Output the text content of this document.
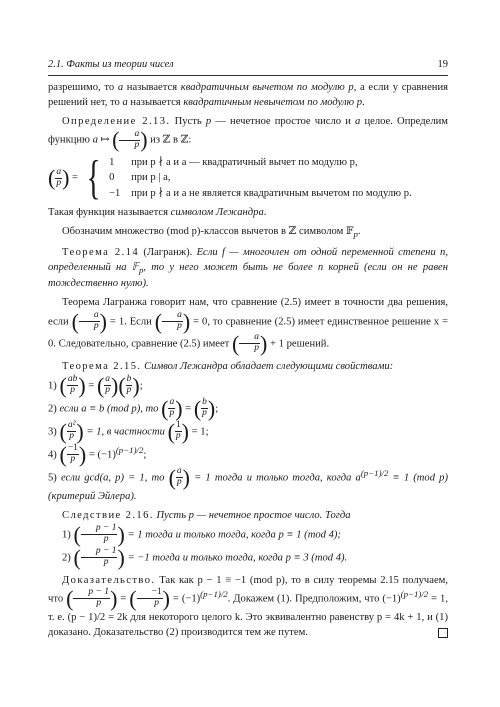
2.1. Факты из теории чисел	19

разрешимо, то a называется квадратичным вычетом по модулю p, а если у сравнения решений нет, то a называется квадратичным невычетом по модулю p.

Определение 2.13. Пусть p — нечетное простое число и a целое. Определим функцию a ↦ ( $\frac{a}{p}$ ) из ℤ в ℤ:

( $\frac{a}{p}$ ) = { 1 при p ∤ a и a — квадратичный вычет по модулю p,
0 при p | a,
−1 при p ∤ a и a не является квадратичным вычетом по модулю p.

Такая функция называется символом Лежандра.

Обозначим множество (mod p)-классов вычетов в ℤ символом 𝔽$_p$.

Теорема 2.14 (Лагранж). Если f — многочлен от одной переменной степени n, определенный на 𝔽$_p$, то у него может быть не более n корней (если он не равен тождественно нулю).

Теорема Лагранжа говорит нам, что сравнение (2.5) имеет в точности два решения, если ( $\frac{a}{p}$ ) = 1. Если ( $\frac{a}{p}$ ) = 0, то сравнение (2.5) имеет единственное решение x = 0. Следовательно, сравнение (2.5) имеет ( $\frac{a}{p}$ ) + 1 решений.

Теорема 2.15. Символ Лежандра обладает следующими свойствами:

1) ( $\frac{ab}{p}$ ) = ( $\frac{a}{p}$ )( $\frac{b}{p}$ );

2) если a ≡ b (mod p), то ( $\frac{a}{p}$ ) = ( $\frac{b}{p}$ );

3) ( $\frac{\text{a²}}{p}$ ) = 1, в частности ( $\frac{1}{p}$ ) = 1;

4) ( $\frac{-1}{p}$ ) = $(-1)^{(p-1)/2}$;

5) если gcd(a, p) = 1, то ( $\frac{a}{p}$ ) = 1 тогда и только тогда, когда $a^{(p-1)/2} \equiv 1$ (mod p) (критерий Эйлера).

Следствие 2.16. Пусть p — нечетное простое число. Тогда

1) ( $\frac{p - 1}{p}$ ) = 1 тогда и только тогда, когда p ≡ 1 (mod 4);

2) ( $\frac{p - 1}{p}$ ) = −1 тогда и только тогда, когда p ≡ 3 (mod 4).

Доказательство. Так как p − 1 ≡ −1 (mod p), то в силу теоремы 2.15 получаем, что ( $\frac{p - 1}{p}$ ) = ( $\frac{-1}{p}$ ) = $(-1)^{(p-1)/2}$. Докажем (1). Предположим, что $(-1)^{(p-1)/2} = 1$, т. е. (p − 1)/2 = 2k для некоторого целого k. Это эквивалентно равенству p = 4k + 1, и (1) доказано. Доказательство (2) производится тем же путем.
